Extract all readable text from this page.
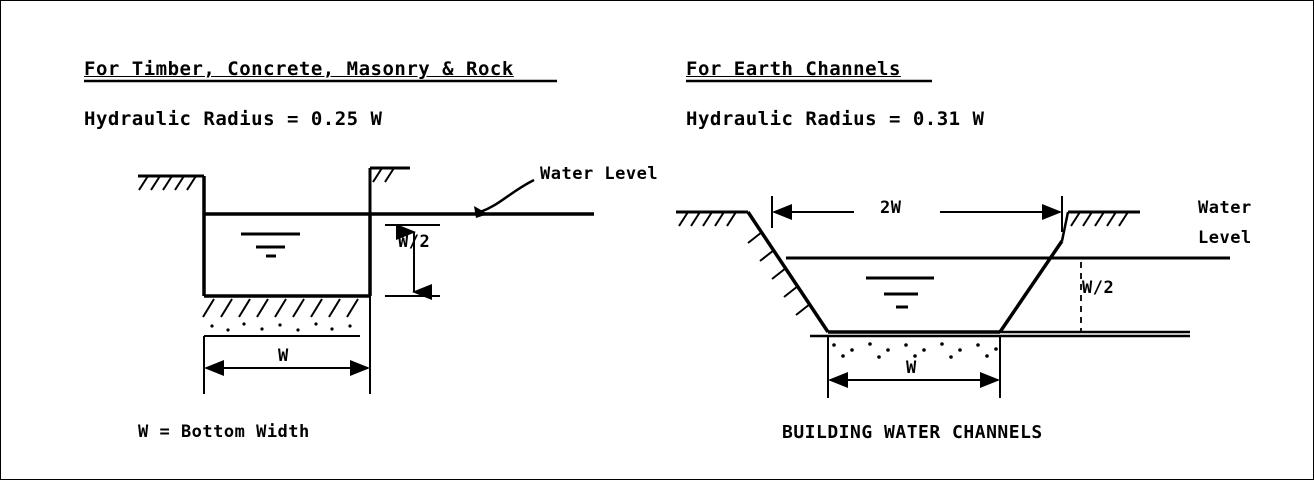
For Timber, Concrete, Masonry & Rock
Hydraulic Radius = 0.25 W
W/2
W
Water Level
W = Bottom Width
For Earth Channels
Hydraulic Radius = 0.31 W
2W
W/2
W
Water
Level
BUILDING WATER CHANNELS
